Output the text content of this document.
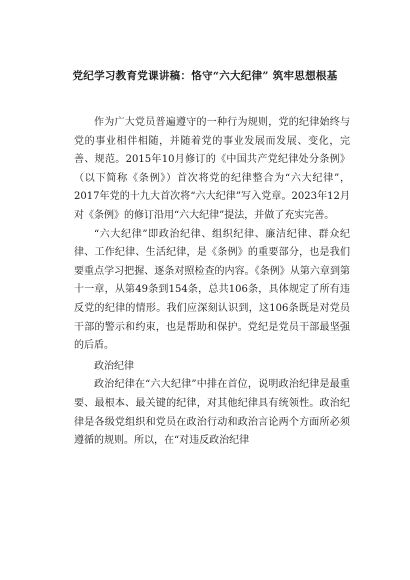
党纪学习教育党课讲稿：恪守“六大纪律” 筑牢思想根基

作为广大党员普遍遵守的一种行为规则，党的纪律始终与党的事业相伴相随，并随着党的事业发展而发展、变化，完善、规范。2015年10月修订的《中国共产党纪律处分条例》（以下简称《条例》）首次将党的纪律整合为“六大纪律”，2017年党的十九大首次将“六大纪律”写入党章。2023年12月对《条例》的修订沿用“六大纪律”提法，并做了充实完善。

“六大纪律”即政治纪律、组织纪律、廉洁纪律、群众纪律、工作纪律、生活纪律，是《条例》的重要部分，也是我们要重点学习把握、逐条对照检查的内容。《条例》从第六章到第十一章，从第49条到154条，总共106条，具体规定了所有违反党的纪律的情形。我们应深刻认识到，这106条既是对党员干部的警示和约束，也是帮助和保护。党纪是党员干部最坚强的后盾。

政治纪律

政治纪律在“六大纪律”中排在首位，说明政治纪律是最重要、最根本、最关键的纪律，对其他纪律具有统领性。政治纪律是各级党组织和党员在政治行动和政治言论两个方面所必须遵循的规则。所以，在“对违反政治纪律
